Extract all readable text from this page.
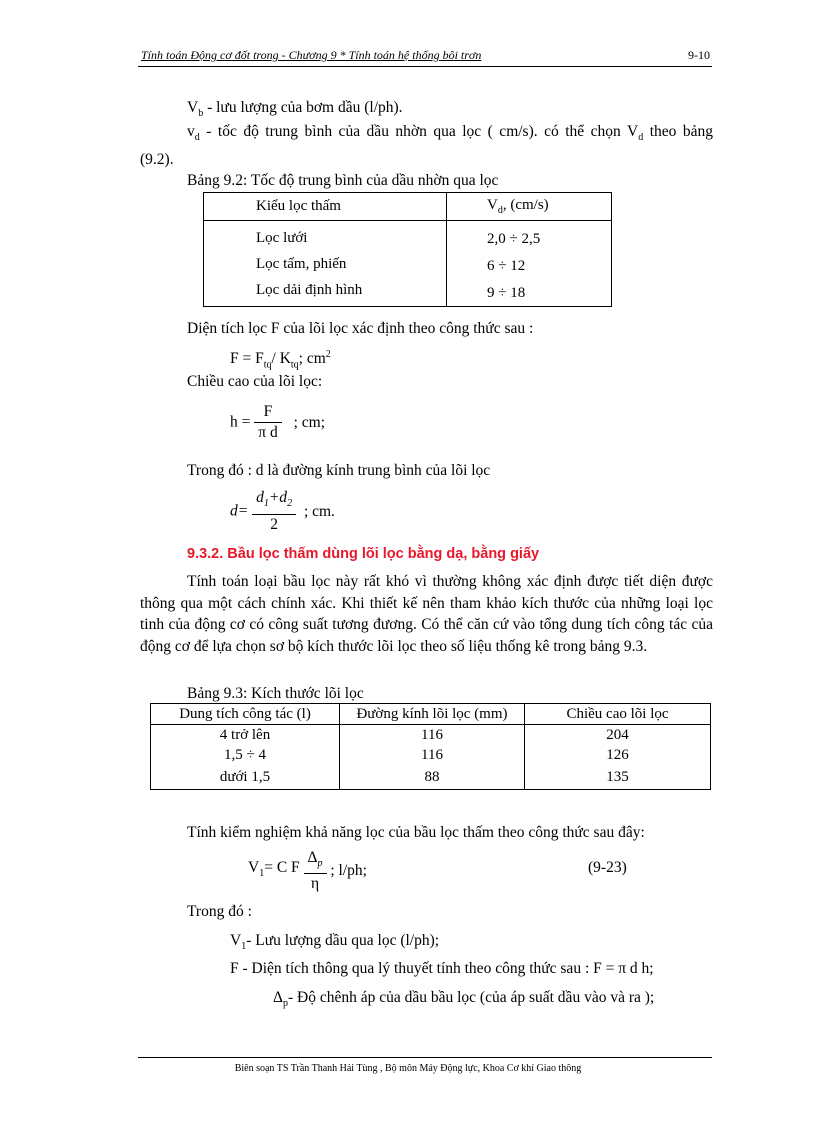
Tính toán Động cơ đốt trong - Chương 9 * Tính toán hệ thống bôi trơn	9-10
$V_b$ - lưu lượng của bơm dầu (l/ph).
$v_d$ - tốc độ trung bình của dầu nhờn qua lọc ( cm/s). có thể chọn $V_d$ theo bảng
(9.2).
Bảng 9.2: Tốc độ trung bình của dầu nhờn qua lọc
Kiểu lọc thấm	$V_d$, (cm/s)
Lọc lưới	2,0 ÷ 2,5
Lọc tấm, phiến	6 ÷ 12
Lọc dải định hình	9 ÷ 18
Diện tích lọc F của lõi lọc xác định theo công thức sau :
$F = F_{tq}/$ $K_{tq}$; $cm^2$
Chiều cao của lõi lọc:
$h = \frac{F}{\text{π d}}$ ; cm;
Trong đó : d là đường kính trung bình của lõi lọc
$d= \frac{d_1+d_2}{2}$ ; cm.
9.3.2. Bầu lọc thấm dùng lõi lọc bằng dạ, bằng giấy
Tính toán loại bầu lọc này rất khó vì thường không xác định được tiết diện được thông qua một cách chính xác. Khi thiết kế nên tham khảo kích thước của những loại lọc tinh của động cơ có công suất tương đương. Có thể căn cứ vào tổng dung tích công tác của động cơ để lựa chọn sơ bộ kích thước lõi lọc theo số liệu thống kê trong bảng 9.3.
Bảng 9.3: Kích thước lõi lọc
Dung tích công tác (l)	Đường kính lõi lọc (mm)	Chiều cao lõi lọc
4 trở lên	116	204
1,5 ÷ 4	116	126
dưới 1,5	88	135
Tính kiểm nghiệm khả năng lọc của bầu lọc thấm theo công thức sau đây:
$V_1= C$ F $\frac{\Delta_p}{\eta}$ ; l/ph;	(9-23)
Trong đó :
$V_1-$ Lưu lượng dầu qua lọc (l/ph);
F - Diện tích thông qua lý thuyết tính theo công thức sau : F = π d h;
$\Delta_p-$ Độ chênh áp của dầu bầu lọc (của áp suất dầu vào và ra );
Biên soạn TS Trần Thanh Hải Tùng , Bộ môn Máy Động lực, Khoa Cơ khí Giao thông
